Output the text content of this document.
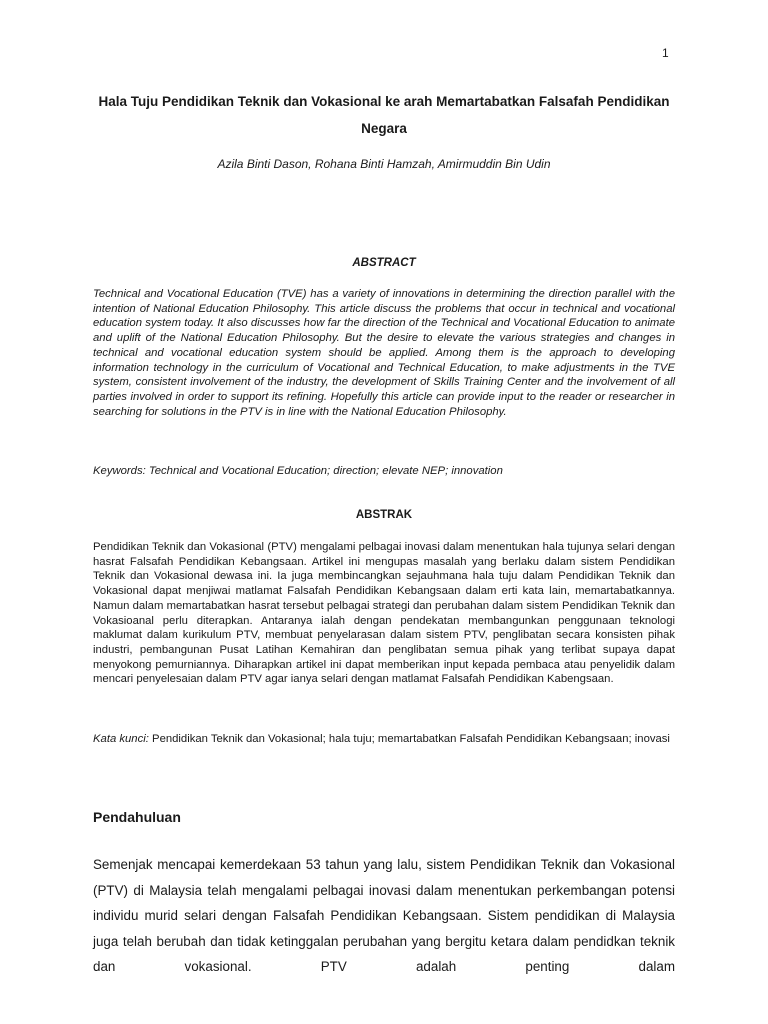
1
Hala Tuju Pendidikan Teknik dan Vokasional ke arah Memartabatkan Falsafah Pendidikan Negara
Azila Binti Dason, Rohana Binti Hamzah, Amirmuddin Bin Udin
ABSTRACT

Technical and Vocational Education (TVE) has a variety of innovations in determining the direction parallel with the intention of National Education Philosophy. This article discuss the problems that occur in technical and vocational education system today. It also discusses how far the direction of the Technical and Vocational Education to animate and uplift of the National Education Philosophy. But the desire to elevate the various strategies and changes in technical and vocational education system should be applied. Among them is the approach to developing information technology in the curriculum of Vocational and Technical Education, to make adjustments in the TVE system, consistent involvement of the industry, the development of Skills Training Center and the involvement of all parties involved in order to support its refining. Hopefully this article can provide input to the reader or researcher in searching for solutions in the PTV is in line with the National Education Philosophy.

Keywords: Technical and Vocational Education; direction; elevate NEP; innovation

ABSTRAK

Pendidikan Teknik dan Vokasional (PTV) mengalami pelbagai inovasi dalam menentukan hala tujunya selari dengan hasrat Falsafah Pendidikan Kebangsaan. Artikel ini mengupas masalah yang berlaku dalam sistem Pendidikan Teknik dan Vokasional dewasa ini. Ia juga membincangkan sejauhmana hala tuju dalam Pendidikan Teknik dan Vokasional dapat menjiwai matlamat Falsafah Pendidikan Kebangsaan dalam erti kata lain, memartabatkannya. Namun dalam memartabatkan hasrat tersebut pelbagai strategi dan perubahan dalam sistem Pendidikan Teknik dan Vokasioanal perlu diterapkan. Antaranya ialah dengan pendekatan membangunkan penggunaan teknologi maklumat dalam kurikulum PTV, membuat penyelarasan dalam sistem PTV, penglibatan secara konsisten pihak industri, pembangunan Pusat Latihan Kemahiran dan penglibatan semua pihak yang terlibat supaya dapat menyokong pemurniannya. Diharapkan artikel ini dapat memberikan input kepada pembaca atau penyelidik dalam mencari penyelesaian dalam PTV agar ianya selari dengan matlamat Falsafah Pendidikan Kabengsaan.

Kata kunci: Pendidikan Teknik dan Vokasional; hala tuju; memartabatkan Falsafah Pendidikan Kebangsaan; inovasi

Pendahuluan

Semenjak mencapai kemerdekaan 53 tahun yang lalu, sistem Pendidikan Teknik dan Vokasional (PTV) di Malaysia telah mengalami pelbagai inovasi dalam menentukan perkembangan potensi individu murid selari dengan Falsafah Pendidikan Kebangsaan. Sistem pendidikan di Malaysia juga telah berubah dan tidak ketinggalan perubahan yang bergitu ketara dalam pendidkan teknik dan vokasional. PTV adalah penting dalam
